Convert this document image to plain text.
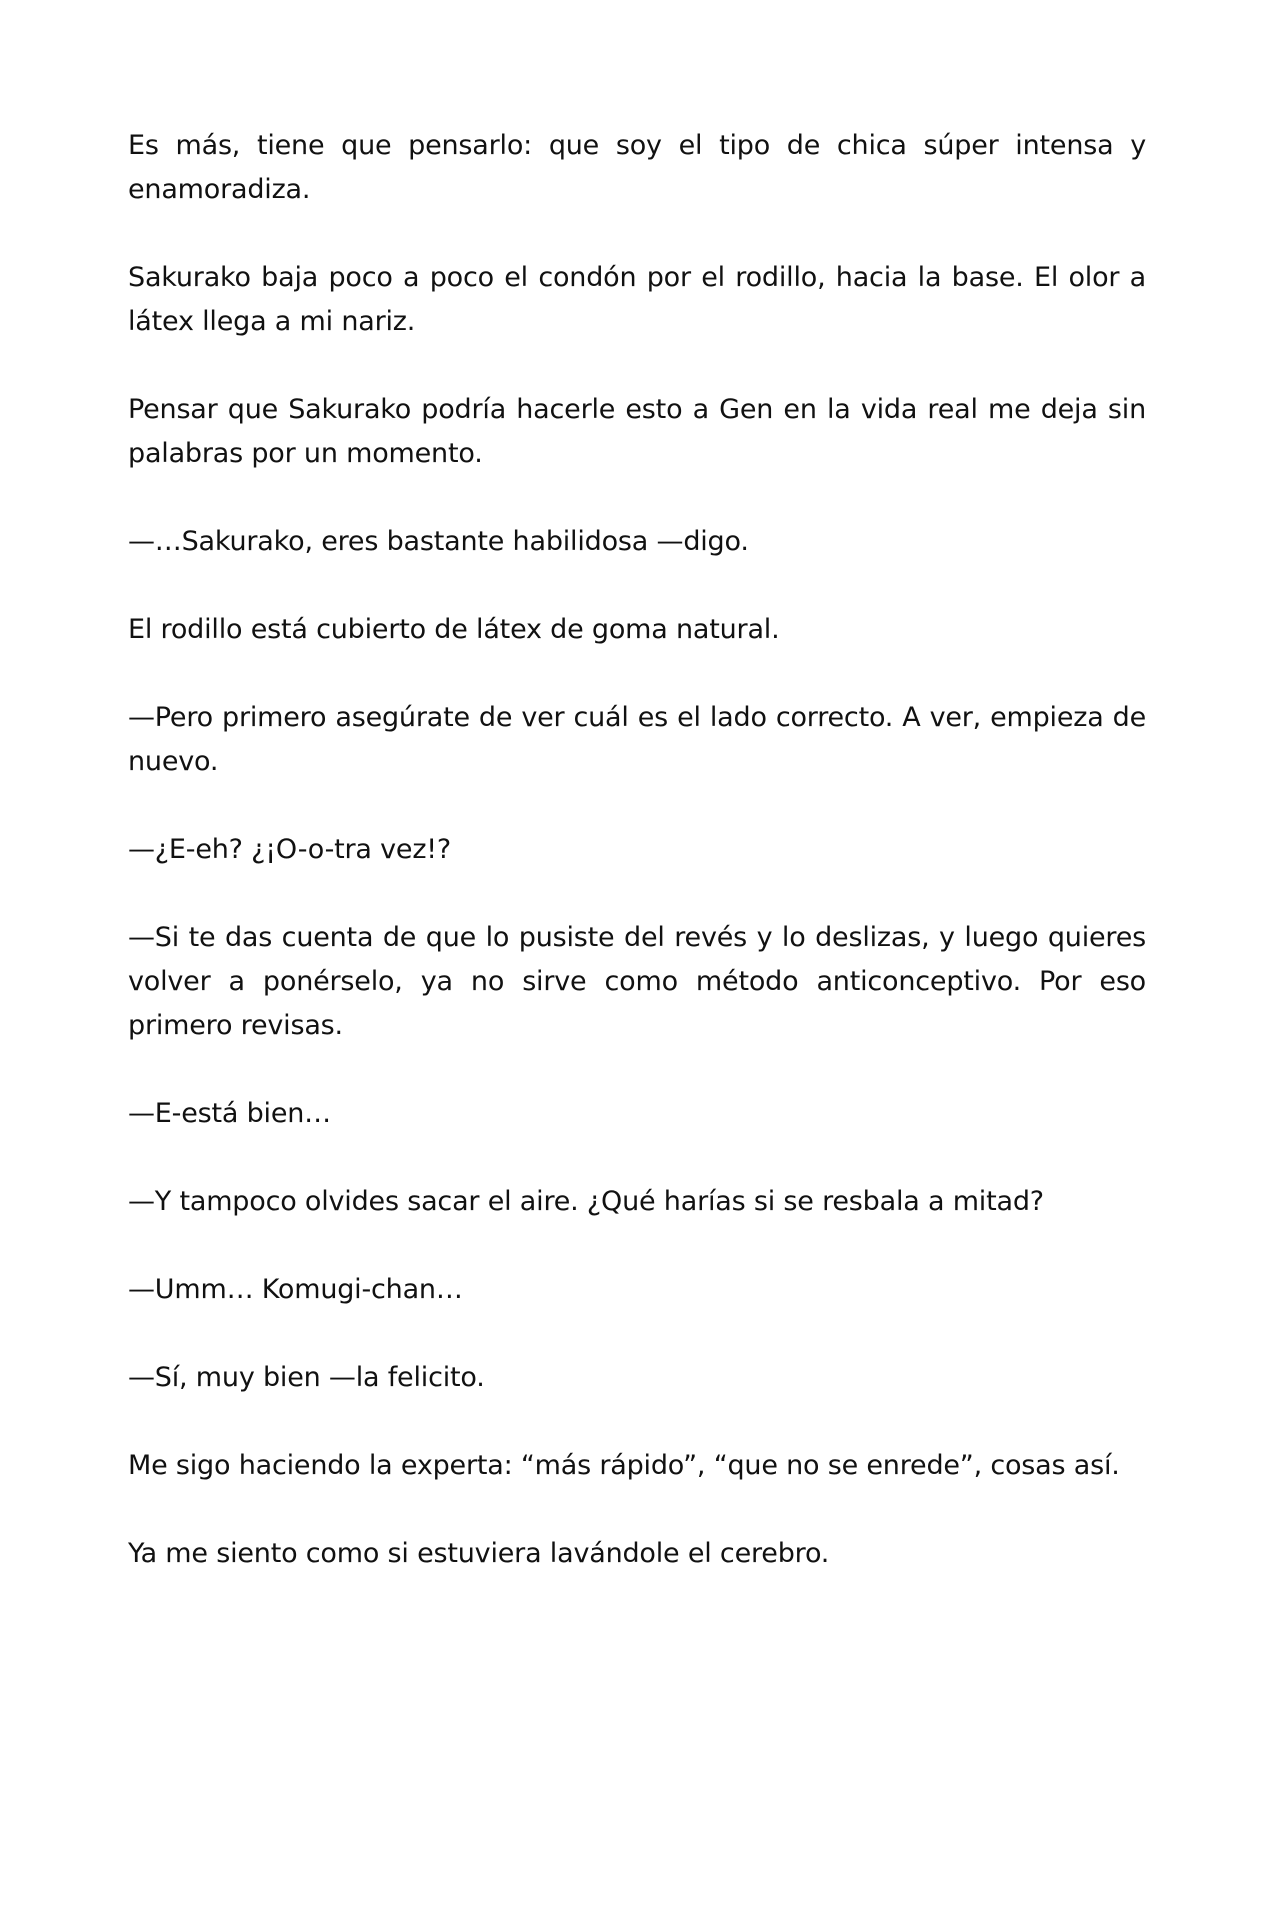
Es más, tiene que pensarlo: que soy el tipo de chica súper intensa y enamoradiza.

Sakurako baja poco a poco el condón por el rodillo, hacia la base. El olor a látex llega a mi nariz.

Pensar que Sakurako podría hacerle esto a Gen en la vida real me deja sin palabras por un momento.

—…Sakurako, eres bastante habilidosa —digo.

El rodillo está cubierto de látex de goma natural.

—Pero primero asegúrate de ver cuál es el lado correcto. A ver, empieza de nuevo.

—¿E-eh? ¿¡O-o-tra vez!?

—Si te das cuenta de que lo pusiste del revés y lo deslizas, y luego quieres volver a ponérselo, ya no sirve como método anticonceptivo. Por eso primero revisas.

—E-está bien…

—Y tampoco olvides sacar el aire. ¿Qué harías si se resbala a mitad?

—Umm… Komugi-chan…

—Sí, muy bien —la felicito.

Me sigo haciendo la experta: “más rápido”, “que no se enrede”, cosas así.

Ya me siento como si estuviera lavándole el cerebro.
